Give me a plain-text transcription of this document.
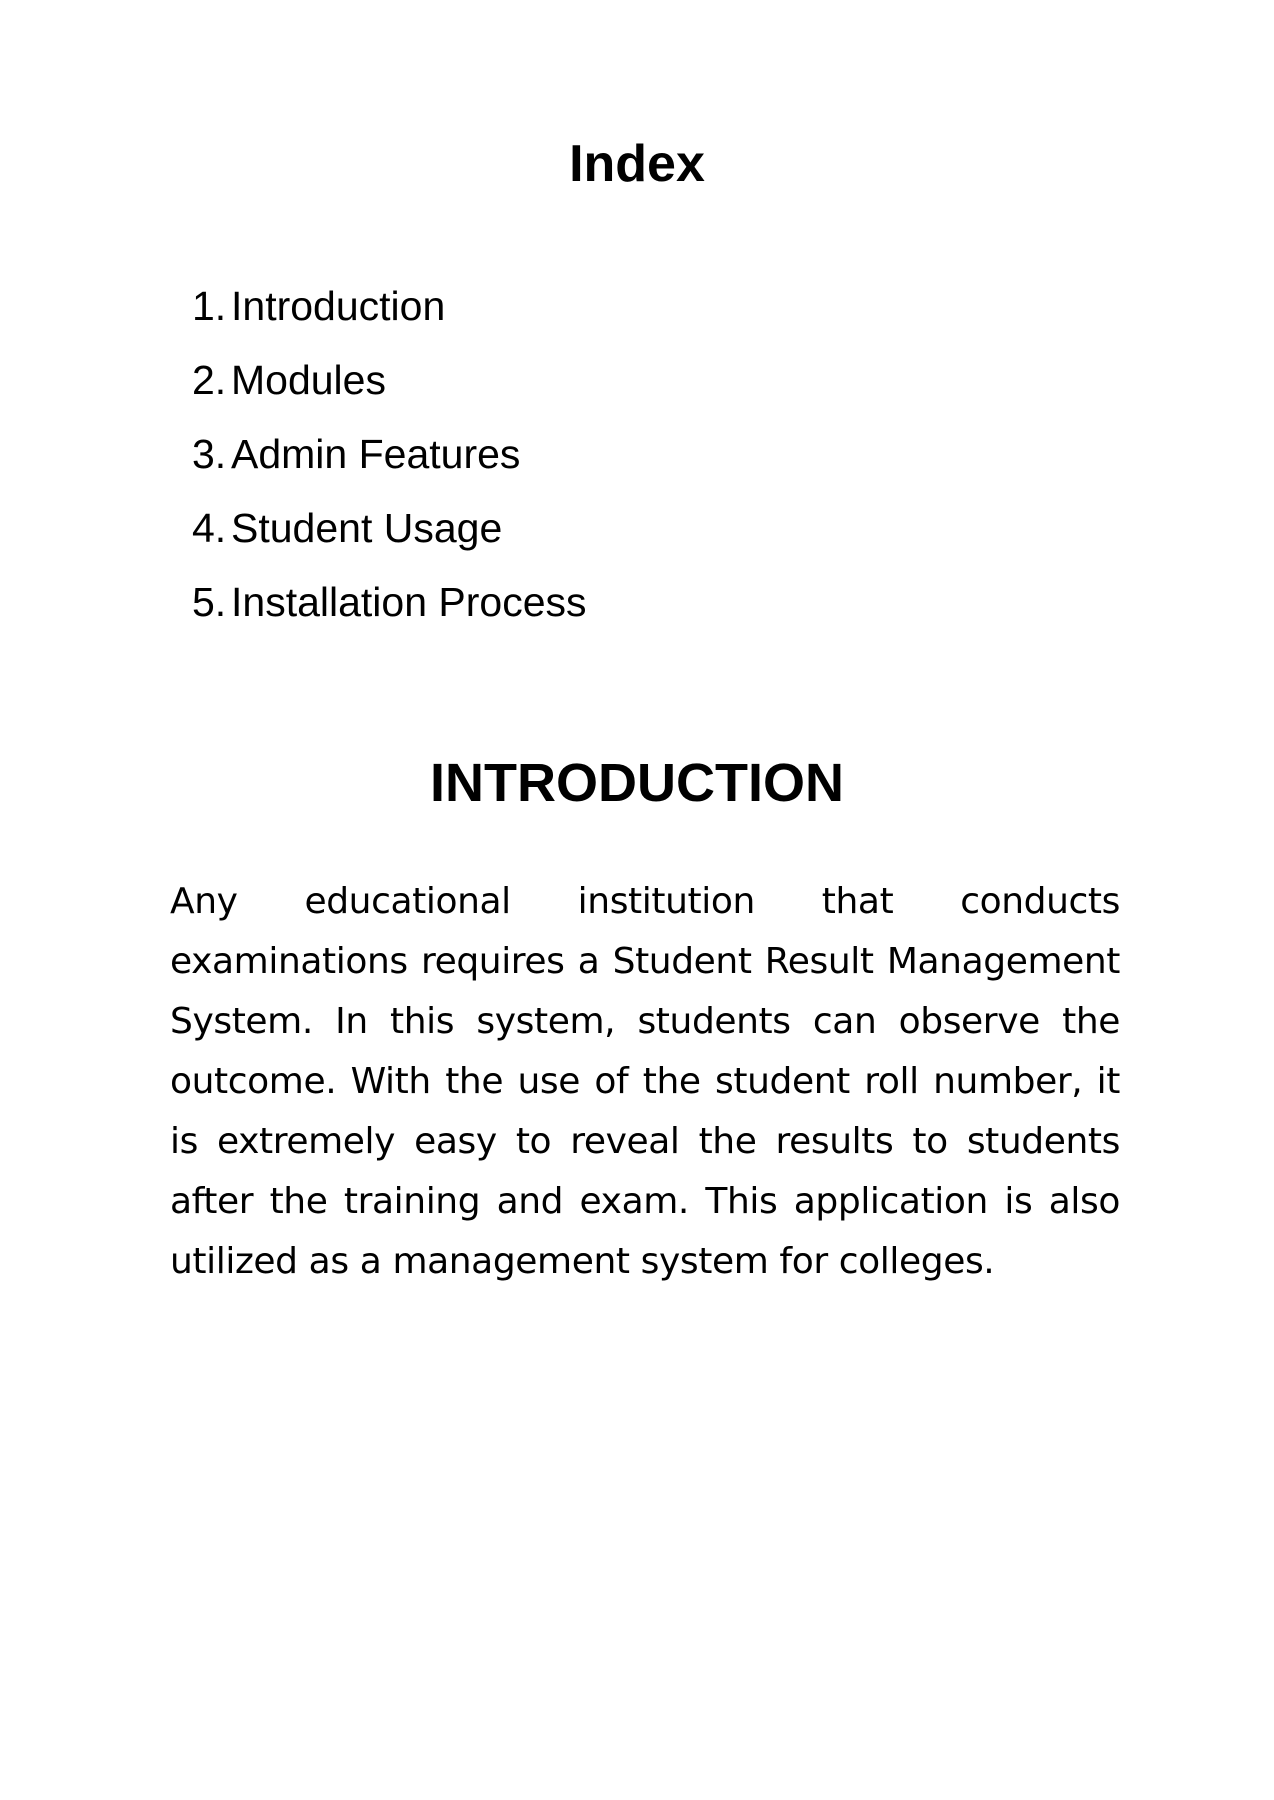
Index
1. Introduction
2. Modules
3. Admin Features
4. Student Usage
5. Installation Process
INTRODUCTION

Any educational institution that conducts examinations requires a Student Result Management System. In this system, students can observe the outcome. With the use of the student roll number, it is extremely easy to reveal the results to students after the training and exam. This application is also utilized as a management system for colleges.
